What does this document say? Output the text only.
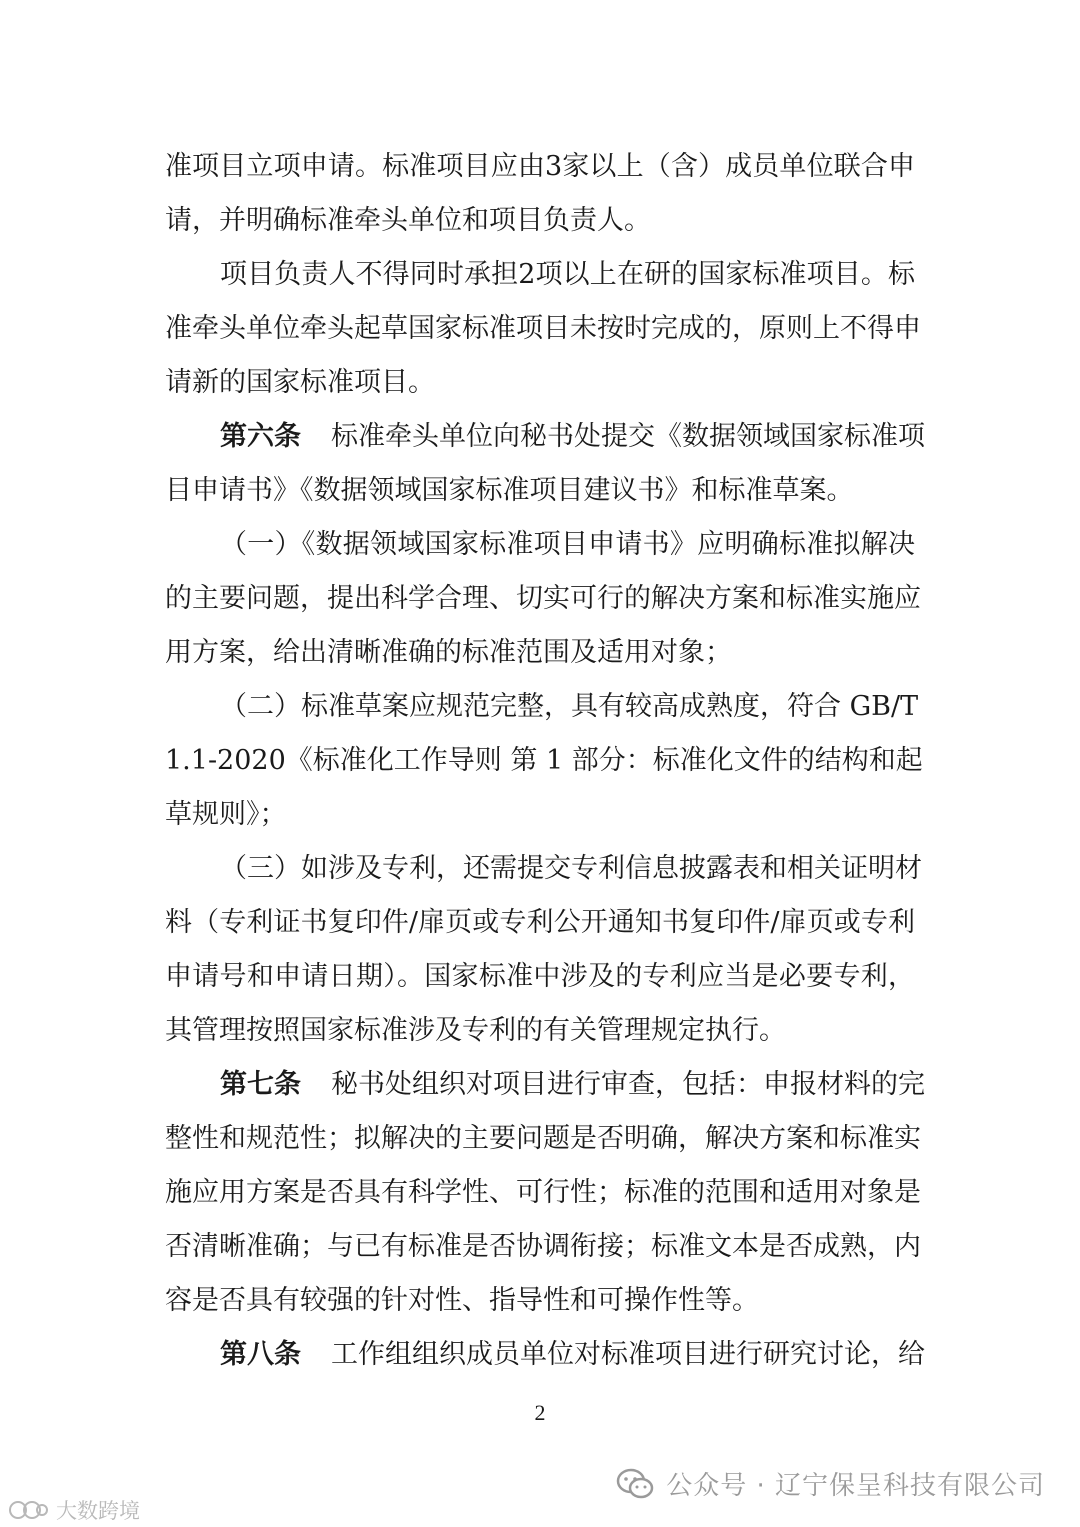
准项目立项申请。标准项目应由3家以上（含）成员单位联合申
请，并明确标准牵头单位和项目负责人。
项目负责人不得同时承担2项以上在研的国家标准项目。标
准牵头单位牵头起草国家标准项目未按时完成的，原则上不得申
请新的国家标准项目。
第六条 标准牵头单位向秘书处提交《数据领域国家标准项
目申请书》《数据领域国家标准项目建议书》和标准草案。
（一）《数据领域国家标准项目申请书》应明确标准拟解决
的主要问题，提出科学合理、切实可行的解决方案和标准实施应
用方案，给出清晰准确的标准范围及适用对象；
（二）标准草案应规范完整，具有较高成熟度，符合 GB/T
1.1-2020《标准化工作导则 第 1 部分：标准化文件的结构和起
草规则》；
（三）如涉及专利，还需提交专利信息披露表和相关证明材
料（专利证书复印件/扉页或专利公开通知书复印件/扉页或专利
申请号和申请日期）。国家标准中涉及的专利应当是必要专利，
其管理按照国家标准涉及专利的有关管理规定执行。
第七条 秘书处组织对项目进行审查，包括：申报材料的完
整性和规范性；拟解决的主要问题是否明确，解决方案和标准实
施应用方案是否具有科学性、可行性；标准的范围和适用对象是
否清晰准确；与已有标准是否协调衔接；标准文本是否成熟，内
容是否具有较强的针对性、指导性和可操作性等。
第八条 工作组组织成员单位对标准项目进行研究讨论，给
2
公众号 · 辽宁保呈科技有限公司
大数跨境
